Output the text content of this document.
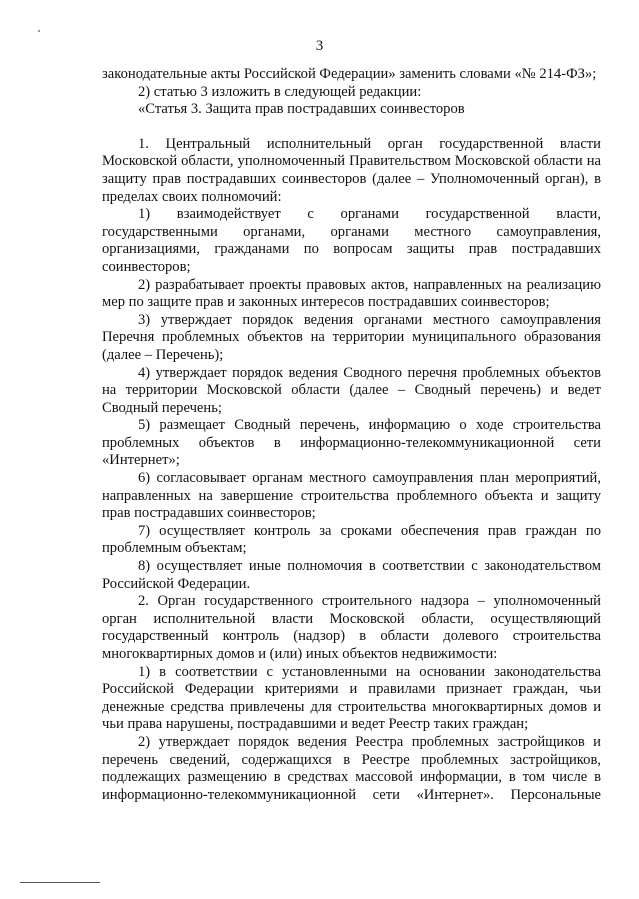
3

законодательные акты Российской Федерации» заменить словами «№ 214-ФЗ»;

2) статью 3 изложить в следующей редакции:

«Статья 3. Защита прав пострадавших соинвесторов

1. Центральный исполнительный орган государственной власти Московской области, уполномоченный Правительством Московской области на защиту прав пострадавших соинвесторов (далее – Уполномоченный орган), в пределах своих полномочий:

1) взаимодействует с органами государственной власти, государственными органами, органами местного самоуправления, организациями, гражданами по вопросам защиты прав пострадавших соинвесторов;

2) разрабатывает проекты правовых актов, направленных на реализацию мер по защите прав и законных интересов пострадавших соинвесторов;

3) утверждает порядок ведения органами местного самоуправления Перечня проблемных объектов на территории муниципального образования (далее – Перечень);

4) утверждает порядок ведения Сводного перечня проблемных объектов на территории Московской области (далее – Сводный перечень) и ведет Сводный перечень;

5) размещает Сводный перечень, информацию о ходе строительства проблемных объектов в информационно-телекоммуникационной сети «Интернет»;

6) согласовывает органам местного самоуправления план мероприятий, направленных на завершение строительства проблемного объекта и защиту прав пострадавших соинвесторов;

7) осуществляет контроль за сроками обеспечения прав граждан по проблемным объектам;

8) осуществляет иные полномочия в соответствии с законодательством Российской Федерации.

2. Орган государственного строительного надзора – уполномоченный орган исполнительной власти Московской области, осуществляющий государственный контроль (надзор) в области долевого строительства многоквартирных домов и (или) иных объектов недвижимости:

1) в соответствии с установленными на основании законодательства Российской Федерации критериями и правилами признает граждан, чьи денежные средства привлечены для строительства многоквартирных домов и чьи права нарушены, пострадавшими и ведет Реестр таких граждан;

2) утверждает порядок ведения Реестра проблемных застройщиков и перечень сведений, содержащихся в Реестре проблемных застройщиков, подлежащих размещению в средствах массовой информации, в том числе в информационно-телекоммуникационной сети «Интернет». Персональные
